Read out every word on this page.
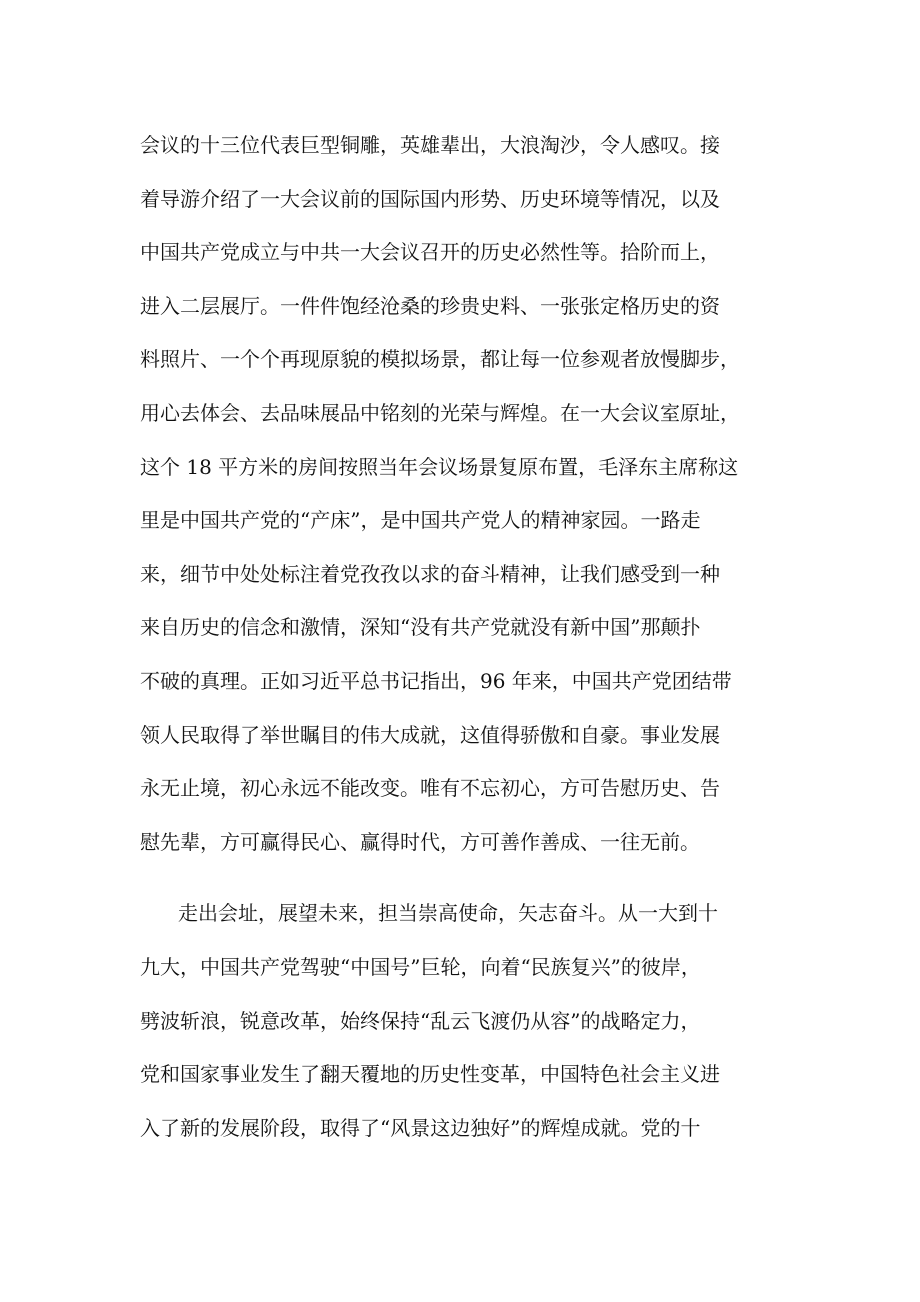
会议的十三位代表巨型铜雕，英雄辈出，大浪淘沙，令人感叹。接
着导游介绍了一大会议前的国际国内形势、历史环境等情况，以及
中国共产党成立与中共一大会议召开的历史必然性等。拾阶而上，
进入二层展厅。一件件饱经沧桑的珍贵史料、一张张定格历史的资
料照片、一个个再现原貌的模拟场景，都让每一位参观者放慢脚步，
用心去体会、去品味展品中铭刻的光荣与辉煌。在一大会议室原址，
这个 18 平方米的房间按照当年会议场景复原布置，毛泽东主席称这
里是中国共产党的“产床”，是中国共产党人的精神家园。一路走
来，细节中处处标注着党孜孜以求的奋斗精神，让我们感受到一种
来自历史的信念和激情，深知“没有共产党就没有新中国”那颠扑
不破的真理。正如习近平总书记指出，96 年来，中国共产党团结带
领人民取得了举世瞩目的伟大成就，这值得骄傲和自豪。事业发展
永无止境，初心永远不能改变。唯有不忘初心，方可告慰历史、告
慰先辈，方可赢得民心、赢得时代，方可善作善成、一往无前。
走出会址，展望未来，担当崇高使命，矢志奋斗。从一大到十
九大，中国共产党驾驶“中国号”巨轮，向着“民族复兴”的彼岸，
劈波斩浪，锐意改革，始终保持“乱云飞渡仍从容”的战略定力，
党和国家事业发生了翻天覆地的历史性变革，中国特色社会主义进
入了新的发展阶段，取得了“风景这边独好”的辉煌成就。党的十
